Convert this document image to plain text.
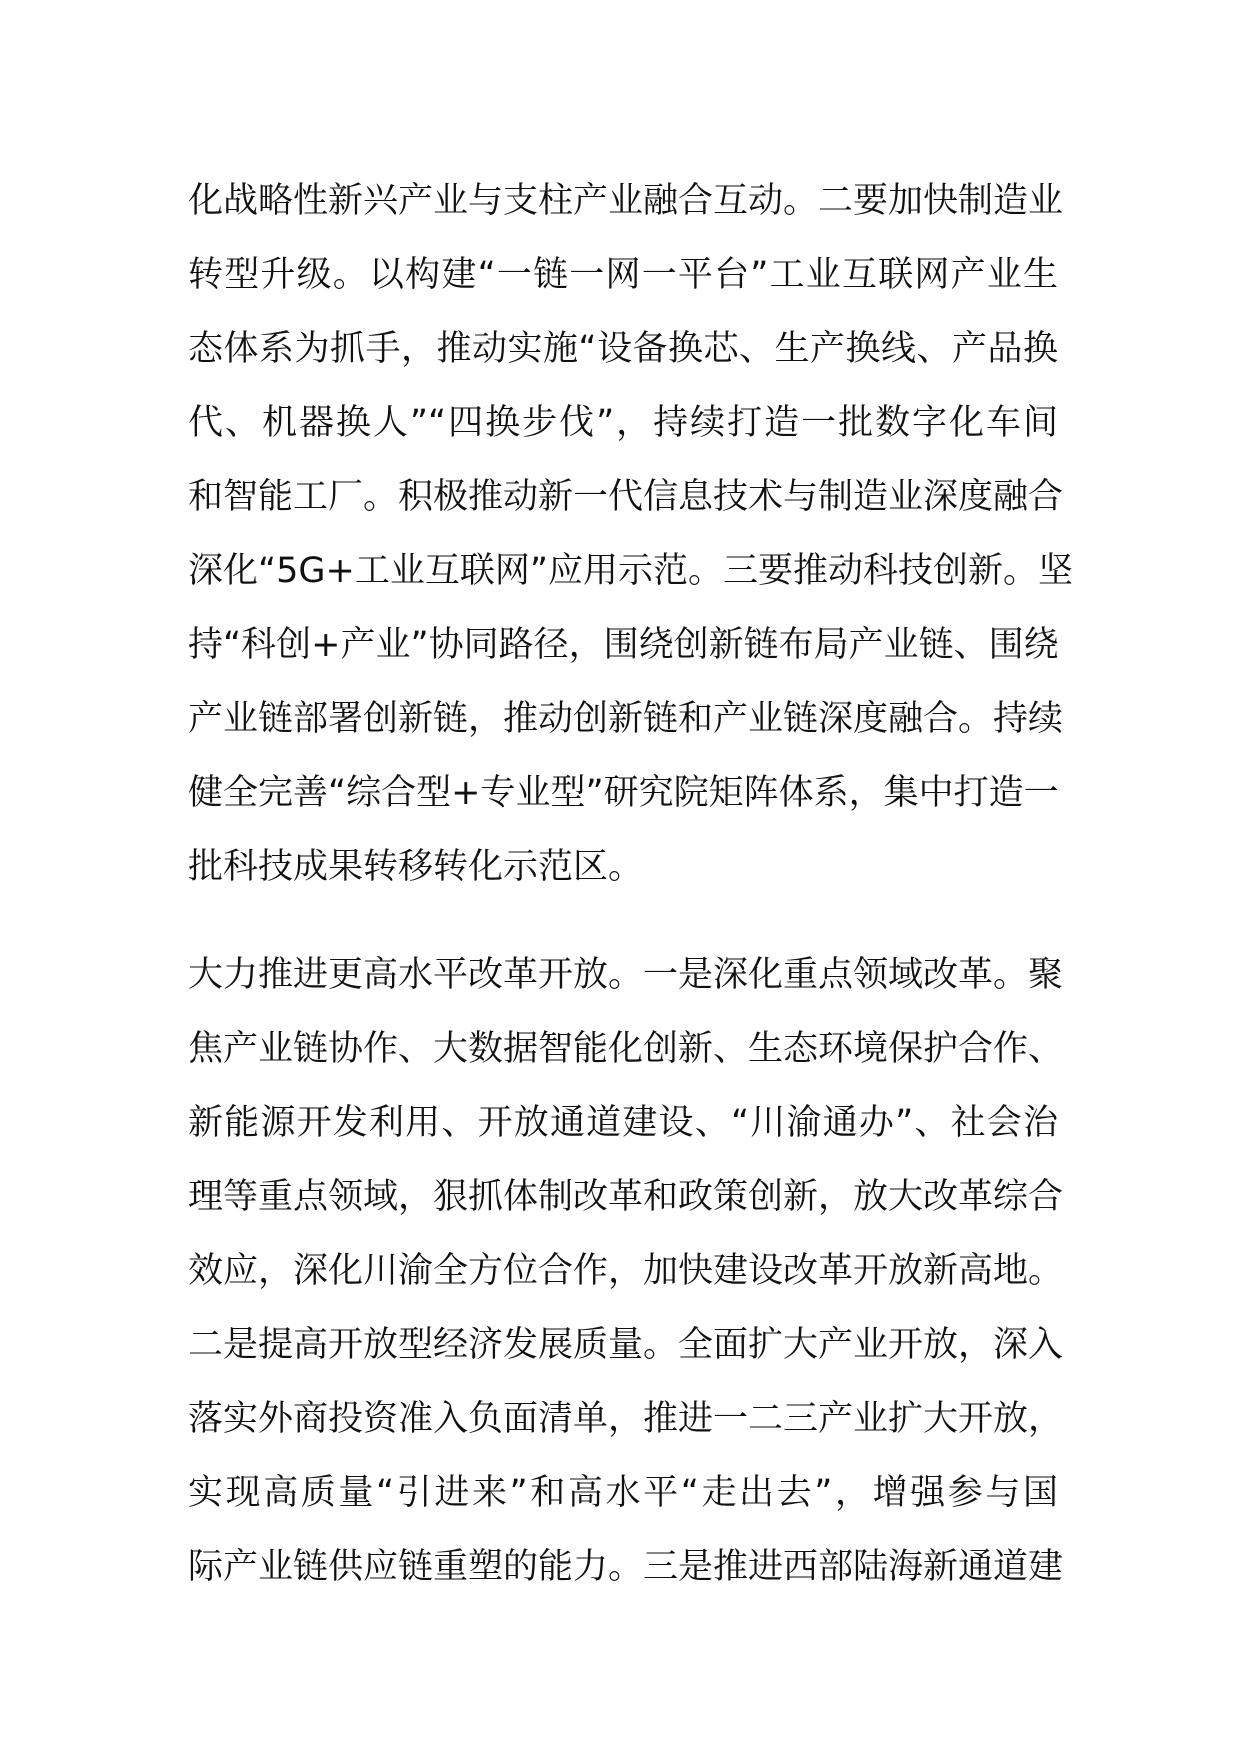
化战略性新兴产业与支柱产业融合互动。二要加快制造业
转型升级。以构建“一链一网一平台”工业互联网产业生
态体系为抓手，推动实施“设备换芯、生产换线、产品换
代、机器换人”“四换步伐”，持续打造一批数字化车间
和智能工厂。积极推动新一代信息技术与制造业深度融合
深化“5G+工业互联网”应用示范。三要推动科技创新。坚
持“科创+产业”协同路径，围绕创新链布局产业链、围绕
产业链部署创新链，推动创新链和产业链深度融合。持续
健全完善“综合型+专业型”研究院矩阵体系，集中打造一
批科技成果转移转化示范区。
大力推进更高水平改革开放。一是深化重点领域改革。聚
焦产业链协作、大数据智能化创新、生态环境保护合作、
新能源开发利用、开放通道建设、“川渝通办”、社会治
理等重点领域，狠抓体制改革和政策创新，放大改革综合
效应，深化川渝全方位合作，加快建设改革开放新高地。
二是提高开放型经济发展质量。全面扩大产业开放，深入
落实外商投资准入负面清单，推进一二三产业扩大开放，
实现高质量“引进来”和高水平“走出去”，增强参与国
际产业链供应链重塑的能力。三是推进西部陆海新通道建
